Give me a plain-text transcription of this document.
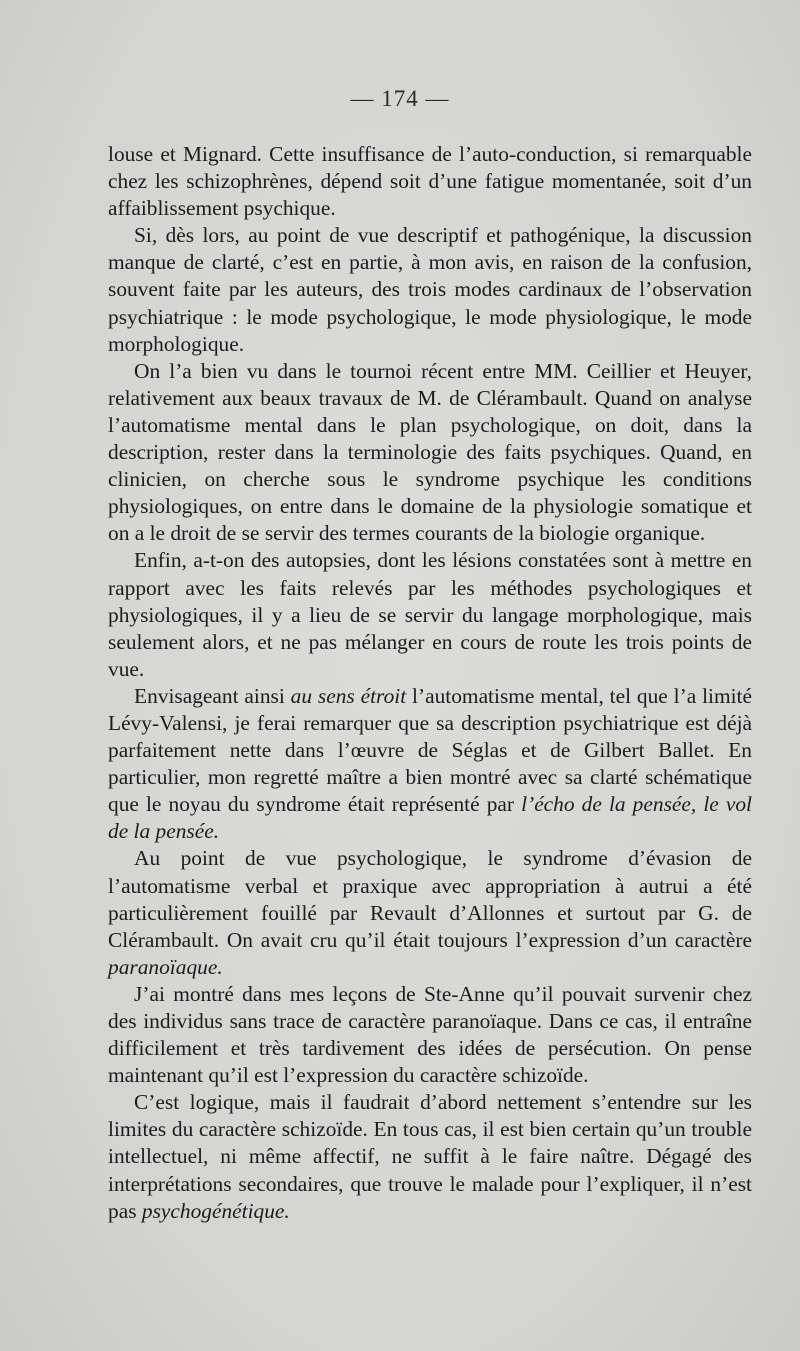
— 174 —

louse et Mignard. Cette insuffisance de l’auto-conduction, si remarquable chez les schizophrènes, dépend soit d’une fatigue momentanée, soit d’un affaiblissement psychique.

Si, dès lors, au point de vue descriptif et pathogénique, la discussion manque de clarté, c’est en partie, à mon avis, en raison de la confusion, souvent faite par les auteurs, des trois modes cardinaux de l’observation psychiatrique : le mode psychologique, le mode physiologique, le mode morphologique.

On l’a bien vu dans le tournoi récent entre MM. Ceillier et Heuyer, relativement aux beaux travaux de M. de Clérambault. Quand on analyse l’automatisme mental dans le plan psychologique, on doit, dans la description, rester dans la terminologie des faits psychiques. Quand, en clinicien, on cherche sous le syndrome psychique les conditions physiologiques, on entre dans le domaine de la physiologie somatique et on a le droit de se servir des termes courants de la biologie organique.

Enfin, a-t-on des autopsies, dont les lésions constatées sont à mettre en rapport avec les faits relevés par les méthodes psychologiques et physiologiques, il y a lieu de se servir du langage morphologique, mais seulement alors, et ne pas mélanger en cours de route les trois points de vue.

Envisageant ainsi au sens étroit l’automatisme mental, tel que l’a limité Lévy-Valensi, je ferai remarquer que sa description psychiatrique est déjà parfaitement nette dans l’œuvre de Séglas et de Gilbert Ballet. En particulier, mon regretté maître a bien montré avec sa clarté schématique que le noyau du syndrome était représenté par l’écho de la pensée, le vol de la pensée.

Au point de vue psychologique, le syndrome d’évasion de l’automatisme verbal et praxique avec appropriation à autrui a été particulièrement fouillé par Revault d’Allonnes et surtout par G. de Clérambault. On avait cru qu’il était toujours l’expression d’un caractère paranoïaque.

J’ai montré dans mes leçons de Ste-Anne qu’il pouvait survenir chez des individus sans trace de caractère paranoïaque. Dans ce cas, il entraîne difficilement et très tardivement des idées de persécution. On pense maintenant qu’il est l’expression du caractère schizoïde.

C’est logique, mais il faudrait d’abord nettement s’entendre sur les limites du caractère schizoïde. En tous cas, il est bien certain qu’un trouble intellectuel, ni même affectif, ne suffit à le faire naître. Dégagé des interprétations secondaires, que trouve le malade pour l’expliquer, il n’est pas psychogénétique.
